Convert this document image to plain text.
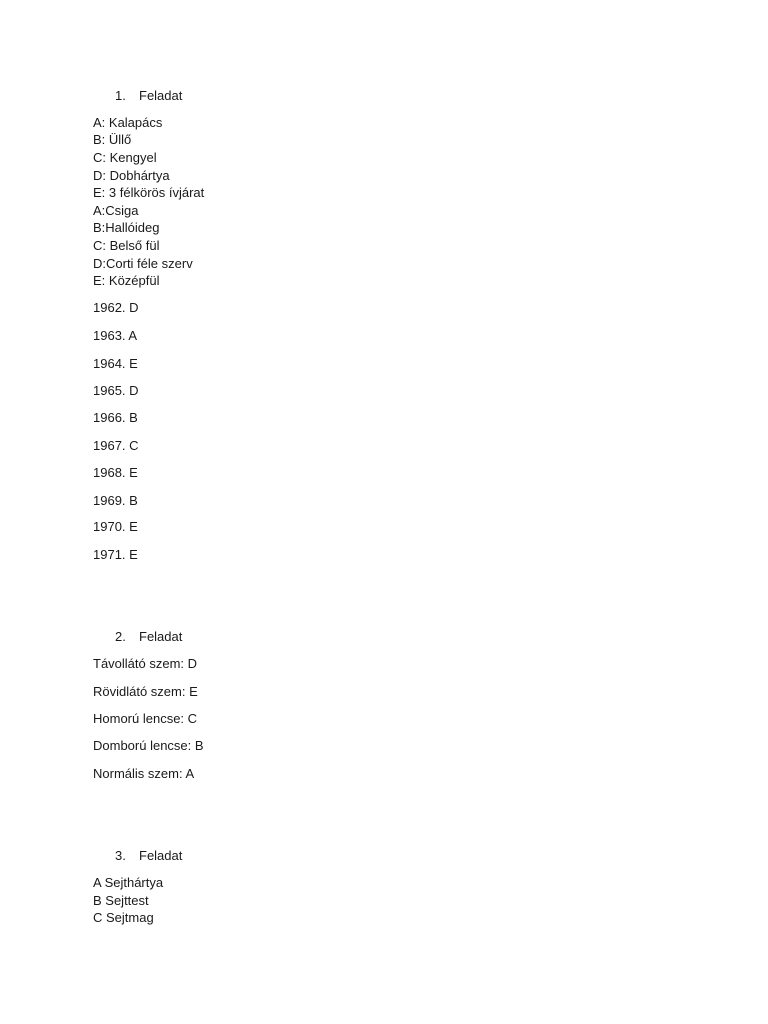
1. Feladat
A: Kalapács
B: Üllő
C: Kengyel
D: Dobhártya
E: 3 félkörös ívjárat
A:Csiga
B:Hallóideg
C: Belső fül
D:Corti féle szerv
E: Középfül
1962. D
1963. A
1964. E
1965. D
1966. B
1967. C
1968. E
1969. B
1970. E
1971. E
2. Feladat
Távollátó szem: D
Rövidlátó szem: E
Homorú lencse: C
Domború lencse: B
Normális szem: A
3. Feladat
A Sejthártya
B Sejttest
C Sejtmag
